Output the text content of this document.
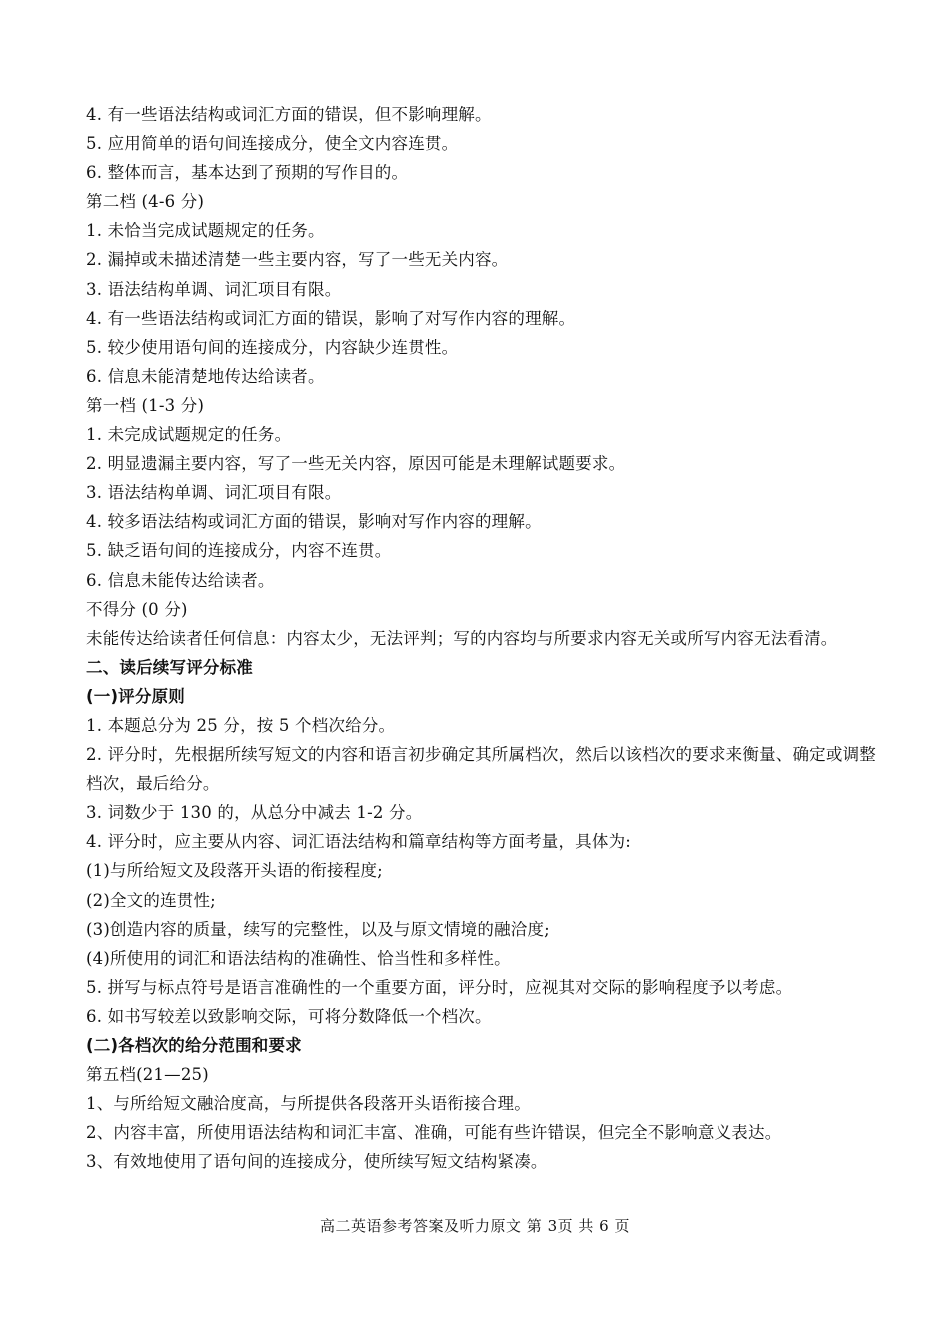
4. 有一些语法结构或词汇方面的错误，但不影响理解。
5. 应用简单的语句间连接成分，使全文内容连贯。
6. 整体而言，基本达到了预期的写作目的。
第二档 (4-6 分)
1. 未恰当完成试题规定的任务。
2. 漏掉或未描述清楚一些主要内容，写了一些无关内容。
3. 语法结构单调、词汇项目有限。
4. 有一些语法结构或词汇方面的错误，影响了对写作内容的理解。
5. 较少使用语句间的连接成分，内容缺少连贯性。
6. 信息未能清楚地传达给读者。
第一档 (1-3 分)
1. 未完成试题规定的任务。
2. 明显遗漏主要内容，写了一些无关内容，原因可能是未理解试题要求。
3. 语法结构单调、词汇项目有限。
4. 较多语法结构或词汇方面的错误，影响对写作内容的理解。
5. 缺乏语句间的连接成分，内容不连贯。
6. 信息未能传达给读者。
不得分 (0 分)
未能传达给读者任何信息：内容太少，无法评判；写的内容均与所要求内容无关或所写内容无法看清。
二、读后续写评分标准
(一)评分原则
1. 本题总分为 25 分，按 5 个档次给分。
2. 评分时，先根据所续写短文的内容和语言初步确定其所属档次，然后以该档次的要求来衡量、确定或调整档次，最后给分。
3. 词数少于 130 的，从总分中减去 1-2 分。
4. 评分时，应主要从内容、词汇语法结构和篇章结构等方面考量，具体为:
(1)与所给短文及段落开头语的衔接程度;
(2)全文的连贯性;
(3)创造内容的质量，续写的完整性，以及与原文情境的融洽度;
(4)所使用的词汇和语法结构的准确性、恰当性和多样性。
5. 拼写与标点符号是语言准确性的一个重要方面，评分时，应视其对交际的影响程度予以考虑。
6. 如书写较差以致影响交际，可将分数降低一个档次。
(二)各档次的给分范围和要求
第五档(21—25)
1、与所给短文融洽度高，与所提供各段落开头语衔接合理。
2、内容丰富，所使用语法结构和词汇丰富、准确，可能有些许错误，但完全不影响意义表达。
3、有效地使用了语句间的连接成分，使所续写短文结构紧凑。
高二英语参考答案及听力原文 第 3页 共 6 页
